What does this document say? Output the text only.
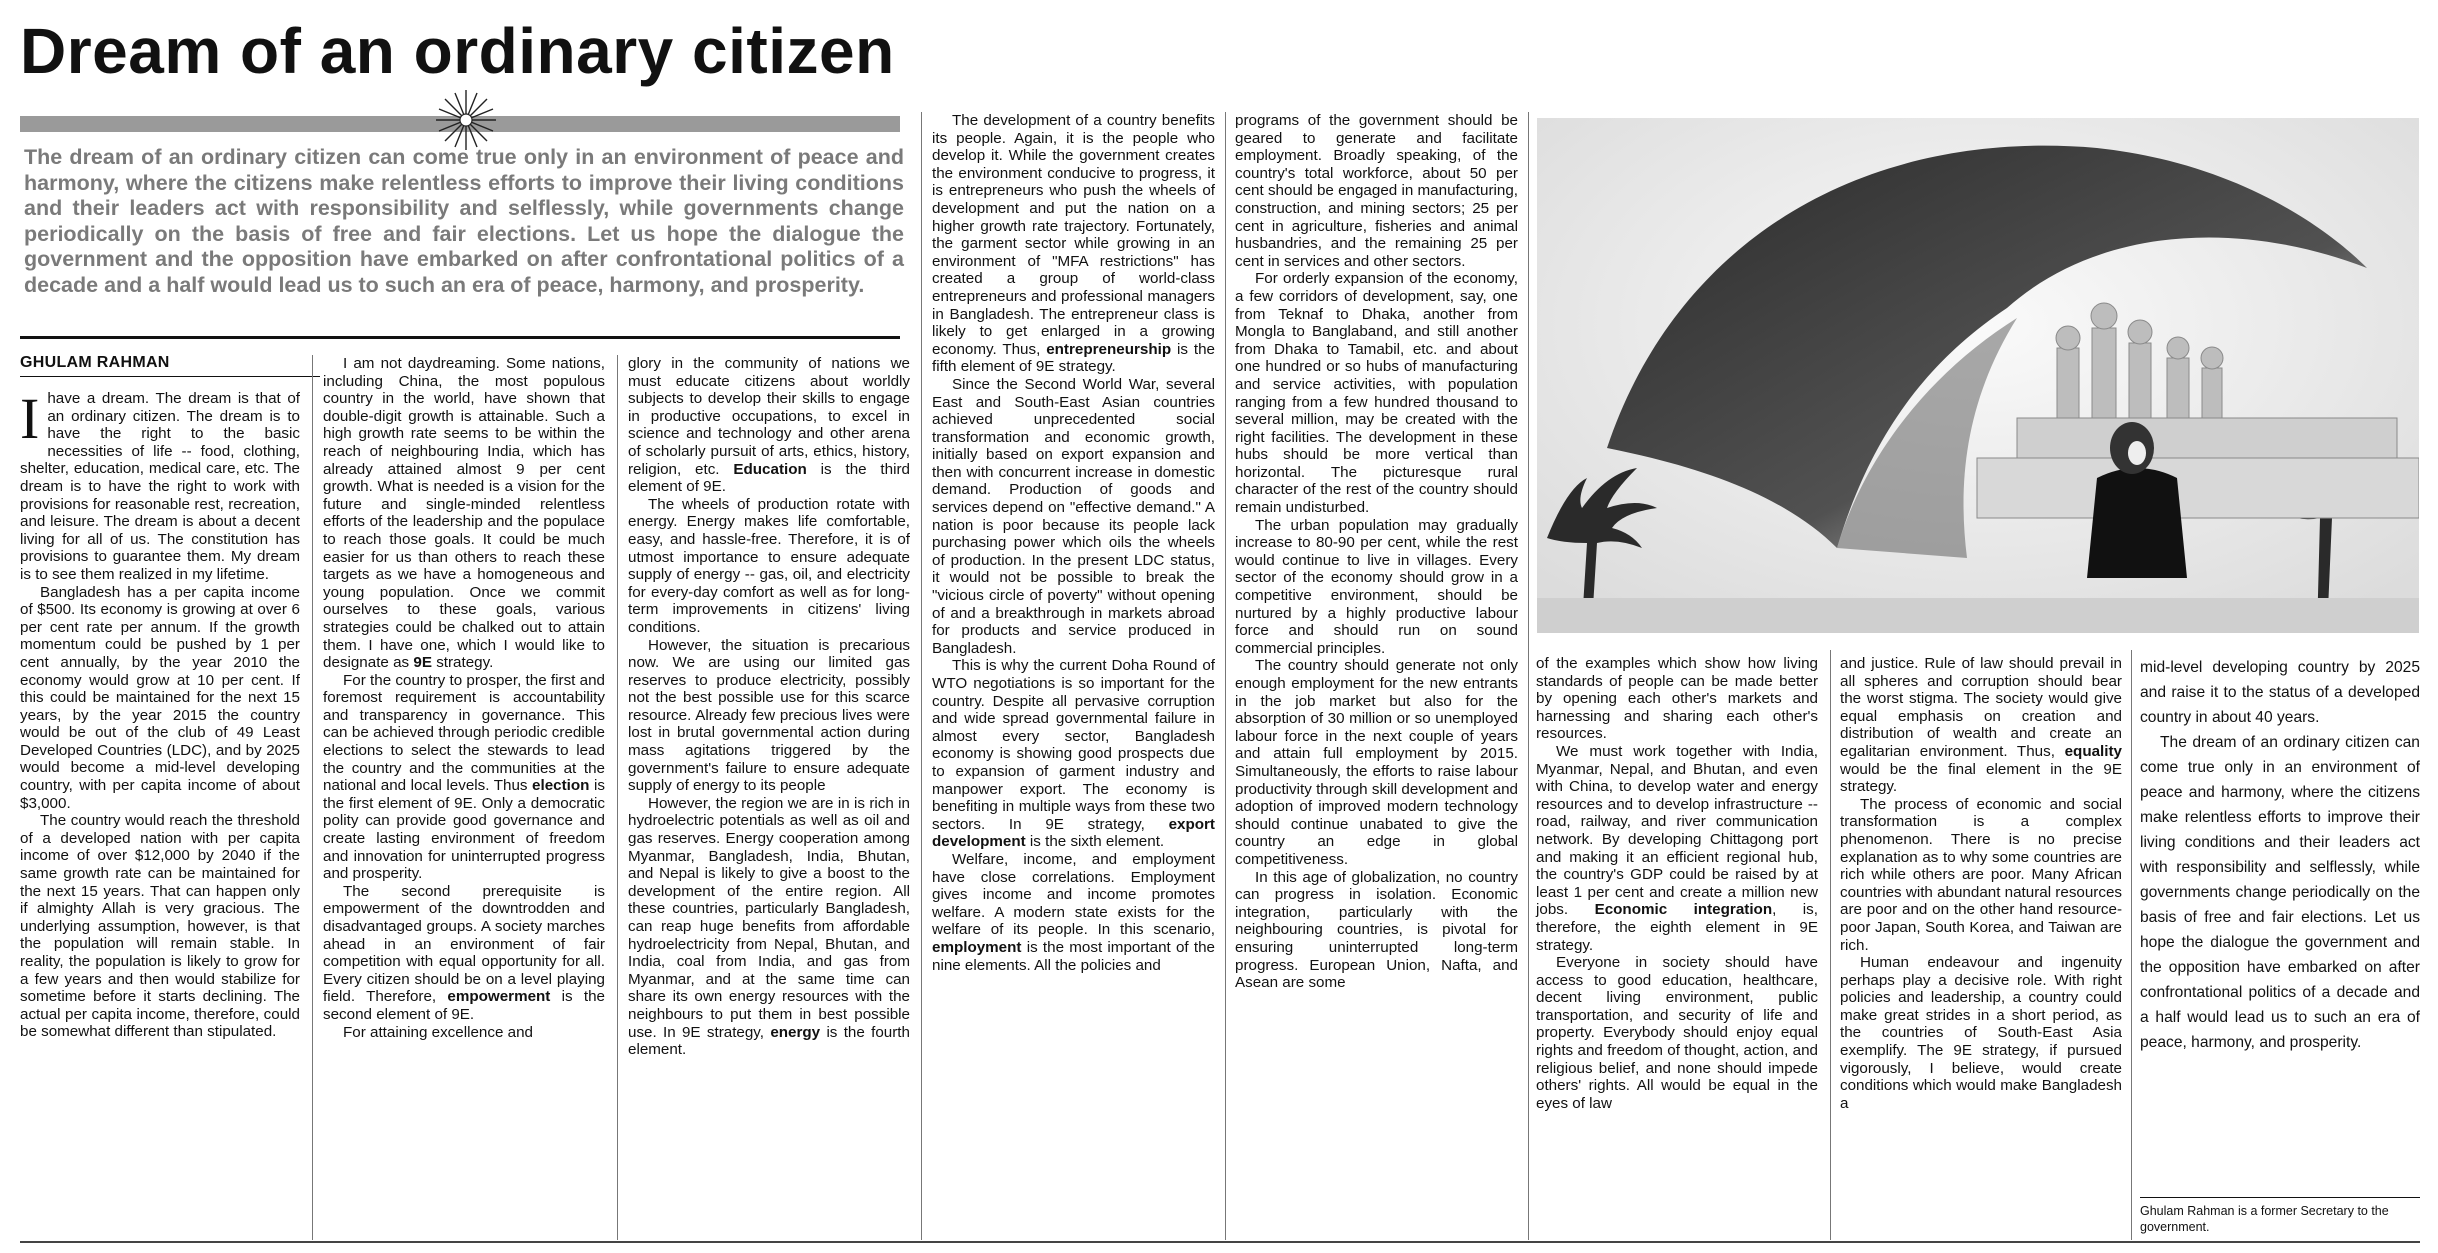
Dream of an ordinary citizen
The dream of an ordinary citizen can come true only in an environment of peace and harmony, where the citizens make relentless efforts to improve their living conditions and their leaders act with responsibility and selflessly, while governments change periodically on the basis of free and fair elections. Let us hope the dialogue the government and the opposition have embarked on after confrontational politics of a decade and a half would lead us to such an era of peace, harmony, and prosperity.
GHULAM RAHMAN

Ihave a dream. The dream is that of an ordinary citizen. The dream is to have the right to the basic necessities of life -- food, clothing, shelter, education, medical care, etc. The dream is to have the right to work with provisions for reasonable rest, recreation, and leisure. The dream is about a decent living for all of us. The constitution has provisions to guarantee them. My dream is to see them realized in my lifetime.

Bangladesh has a per capita income of $500. Its economy is growing at over 6 per cent rate per annum. If the growth momentum could be pushed by 1 per cent annually, by the year 2010 the economy would grow at 10 per cent. If this could be maintained for the next 15 years, by the year 2015 the country would be out of the club of 49 Least Developed Countries (LDC), and by 2025 would become a mid-level developing country, with per capita income of about $3,000.

The country would reach the threshold of a developed nation with per capita income of over $12,000 by 2040 if the same growth rate can be maintained for the next 15 years. That can happen only if almighty Allah is very gracious. The underlying assumption, however, is that the population will remain stable. In reality, the population is likely to grow for a few years and then would stabilize for sometime before it starts declining. The actual per capita income, therefore, could be somewhat different than stipulated.

I am not daydreaming. Some nations, including China, the most populous country in the world, have shown that double-digit growth is attainable. Such a high growth rate seems to be within the reach of neighbouring India, which has already attained almost 9 per cent growth. What is needed is a vision for the future and single-minded relentless efforts of the leadership and the populace to reach those goals. It could be much easier for us than others to reach these targets as we have a homogeneous and young population. Once we commit ourselves to these goals, various strategies could be chalked out to attain them. I have one, which I would like to designate as 9E strategy.

For the country to prosper, the first and foremost requirement is accountability and transparency in governance. This can be achieved through periodic credible elections to select the stewards to lead the country and the communities at the national and local levels. Thus election is the first element of 9E. Only a democratic polity can provide good governance and create lasting environment of freedom and innovation for uninterrupted progress and prosperity.

The second prerequisite is empowerment of the downtrodden and disadvantaged groups. A society marches ahead in an environment of fair competition with equal opportunity for all. Every citizen should be on a level playing field. Therefore, empowerment is the second element of 9E.

For attaining excellence and

glory in the community of nations we must educate citizens about worldly subjects to develop their skills to engage in productive occupations, to excel in science and technology and other arena of scholarly pursuit of arts, ethics, history, religion, etc. Education is the third element of 9E.

The wheels of production rotate with energy. Energy makes life comfortable, easy, and hassle-free. Therefore, it is of utmost importance to ensure adequate supply of energy -- gas, oil, and electricity for every-day comfort as well as for long-term improvements in citizens' living conditions.

However, the situation is precarious now. We are using our limited gas reserves to produce electricity, possibly not the best possible use for this scarce resource. Already few precious lives were lost in brutal governmental action during mass agitations triggered by the government's failure to ensure adequate supply of energy to its people

However, the region we are in is rich in hydroelectric potentials as well as oil and gas reserves. Energy cooperation among Myanmar, Bangladesh, India, Bhutan, and Nepal is likely to give a boost to the development of the entire region. All these countries, particularly Bangladesh, can reap huge benefits from affordable hydroelectricity from Nepal, Bhutan, and India, coal from India, and gas from Myanmar, and at the same time can share its own energy resources with the neighbours to put them in best possible use. In 9E strategy, energy is the fourth element.

The development of a country benefits its people. Again, it is the people who develop it. While the government creates the environment conducive to progress, it is entrepreneurs who push the wheels of development and put the nation on a higher growth rate trajectory. Fortunately, the garment sector while growing in an environment of "MFA restrictions" has created a group of world-class entrepreneurs and professional managers in Bangladesh. The entrepreneur class is likely to get enlarged in a growing economy. Thus, entrepreneurship is the fifth element of 9E strategy.

Since the Second World War, several East and South-East Asian countries achieved unprecedented social transformation and economic growth, initially based on export expansion and then with concurrent increase in domestic demand. Production of goods and services depend on "effective demand." A nation is poor because its people lack purchasing power which oils the wheels of production. In the present LDC status, it would not be possible to break the "vicious circle of poverty" without opening of and a breakthrough in markets abroad for products and service produced in Bangladesh.

This is why the current Doha Round of WTO negotiations is so important for the country. Despite all pervasive corruption and wide spread governmental failure in almost every sector, Bangladesh economy is showing good prospects due to expansion of garment industry and manpower export. The economy is benefiting in multiple ways from these two sectors. In 9E strategy, export development is the sixth element.

Welfare, income, and employment have close correlations. Employment gives income and income promotes welfare. A modern state exists for the welfare of its people. In this scenario, employment is the most important of the nine elements. All the policies and

programs of the government should be geared to generate and facilitate employment. Broadly speaking, of the country's total workforce, about 50 per cent should be engaged in manufacturing, construction, and mining sectors; 25 per cent in agriculture, fisheries and animal husbandries, and the remaining 25 per cent in services and other sectors.

For orderly expansion of the economy, a few corridors of development, say, one from Teknaf to Dhaka, another from Mongla to Banglaband, and still another from Dhaka to Tamabil, etc. and about one hundred or so hubs of manufacturing and service activities, with population ranging from a few hundred thousand to several million, may be created with the right facilities. The development in these hubs should be more vertical than horizontal. The picturesque rural character of the rest of the country should remain undisturbed.

The urban population may gradually increase to 80-90 per cent, while the rest would continue to live in villages. Every sector of the economy should grow in a competitive environment, should be nurtured by a highly productive labour force and should run on sound commercial principles.

The country should generate not only enough employment for the new entrants in the job market but also for the absorption of 30 million or so unemployed labour force in the next couple of years and attain full employment by 2015. Simultaneously, the efforts to raise labour productivity through skill development and adoption of improved modern technology should continue unabated to give the country an edge in global competitiveness.

In this age of globalization, no country can progress in isolation. Economic integration, particularly with the neighbouring countries, is pivotal for ensuring uninterrupted long-term progress. European Union, Nafta, and Asean are some

of the examples which show how living standards of people can be made better by opening each other's markets and harnessing and sharing each other's resources.

We must work together with India, Myanmar, Nepal, and Bhutan, and even with China, to develop water and energy resources and to develop infrastructure -- road, railway, and river communication network. By developing Chittagong port and making it an efficient regional hub, the country's GDP could be raised by at least 1 per cent and create a million new jobs. Economic integration, is, therefore, the eighth element in 9E strategy.

Everyone in society should have access to good education, healthcare, decent living environment, public transportation, and security of life and property. Everybody should enjoy equal rights and freedom of thought, action, and religious belief, and none should impede others' rights. All would be equal in the eyes of law

and justice. Rule of law should prevail in all spheres and corruption should bear the worst stigma. The society would give equal emphasis on creation and distribution of wealth and create an egalitarian environment. Thus, equality would be the final element in the 9E strategy.

The process of economic and social transformation is a complex phenomenon. There is no precise explanation as to why some countries are rich while others are poor. Many African countries with abundant natural resources are poor and on the other hand resource-poor Japan, South Korea, and Taiwan are rich.

Human endeavour and ingenuity perhaps play a decisive role. With right policies and leadership, a country could make great strides in a short period, as the countries of South-East Asia exemplify. The 9E strategy, if pursued vigorously, I believe, would create conditions which would make Bangladesh a

mid-level developing country by 2025 and raise it to the status of a developed country in about 40 years.

The dream of an ordinary citizen can come true only in an environment of peace and harmony, where the citizens make relentless efforts to improve their living conditions and their leaders act with responsibility and selflessly, while governments change periodically on the basis of free and fair elections. Let us hope the dialogue the government and the opposition have embarked on after confrontational politics of a decade and a half would lead us to such an era of peace, harmony, and prosperity.

Ghulam Rahman is a former Secretary to the government.
